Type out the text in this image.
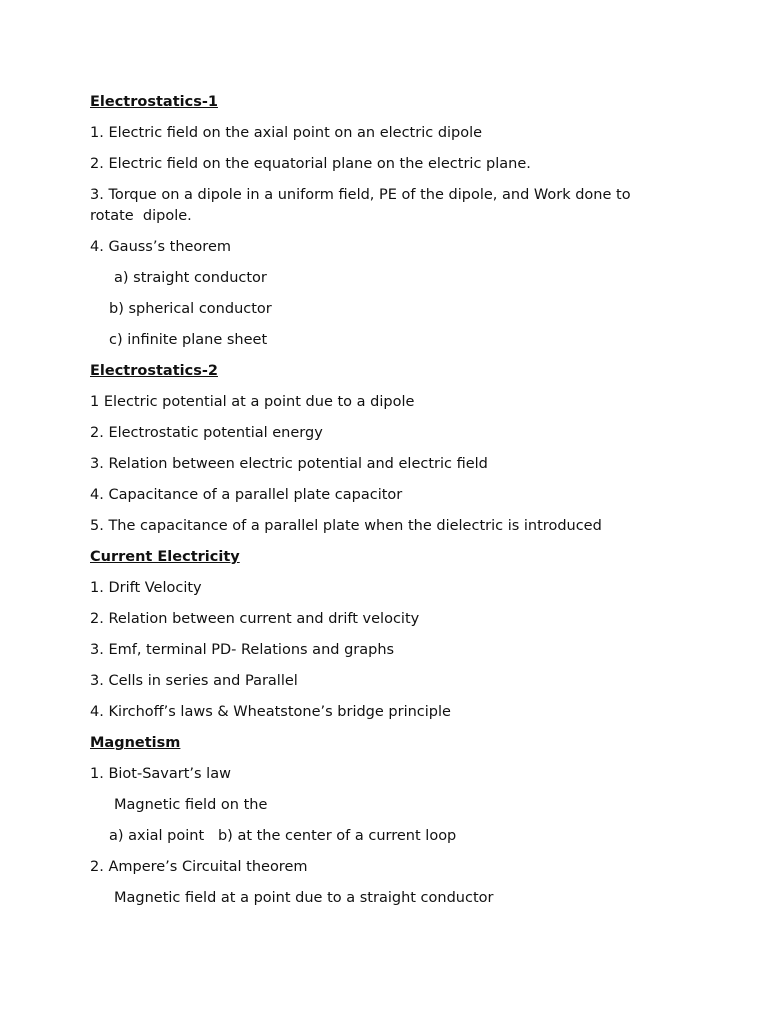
Electrostatics-1
1. Electric field on the axial point on an electric dipole
2. Electric field on the equatorial plane on the electric plane.
3. Torque on a dipole in a uniform field, PE of the dipole, and Work done to rotate  dipole.
4. Gauss’s theorem
a) straight conductor
b) spherical conductor
c) infinite plane sheet
Electrostatics-2
1 Electric potential at a point due to a dipole
2. Electrostatic potential energy
3. Relation between electric potential and electric field
4. Capacitance of a parallel plate capacitor
5. The capacitance of a parallel plate when the dielectric is introduced
Current Electricity
1. Drift Velocity
2. Relation between current and drift velocity
3. Emf, terminal PD- Relations and graphs
3. Cells in series and Parallel
4. Kirchoff’s laws & Wheatstone’s bridge principle
Magnetism
1. Biot-Savart’s law
Magnetic field on the
a) axial point   b) at the center of a current loop
2. Ampere’s Circuital theorem
Magnetic field at a point due to a straight conductor
